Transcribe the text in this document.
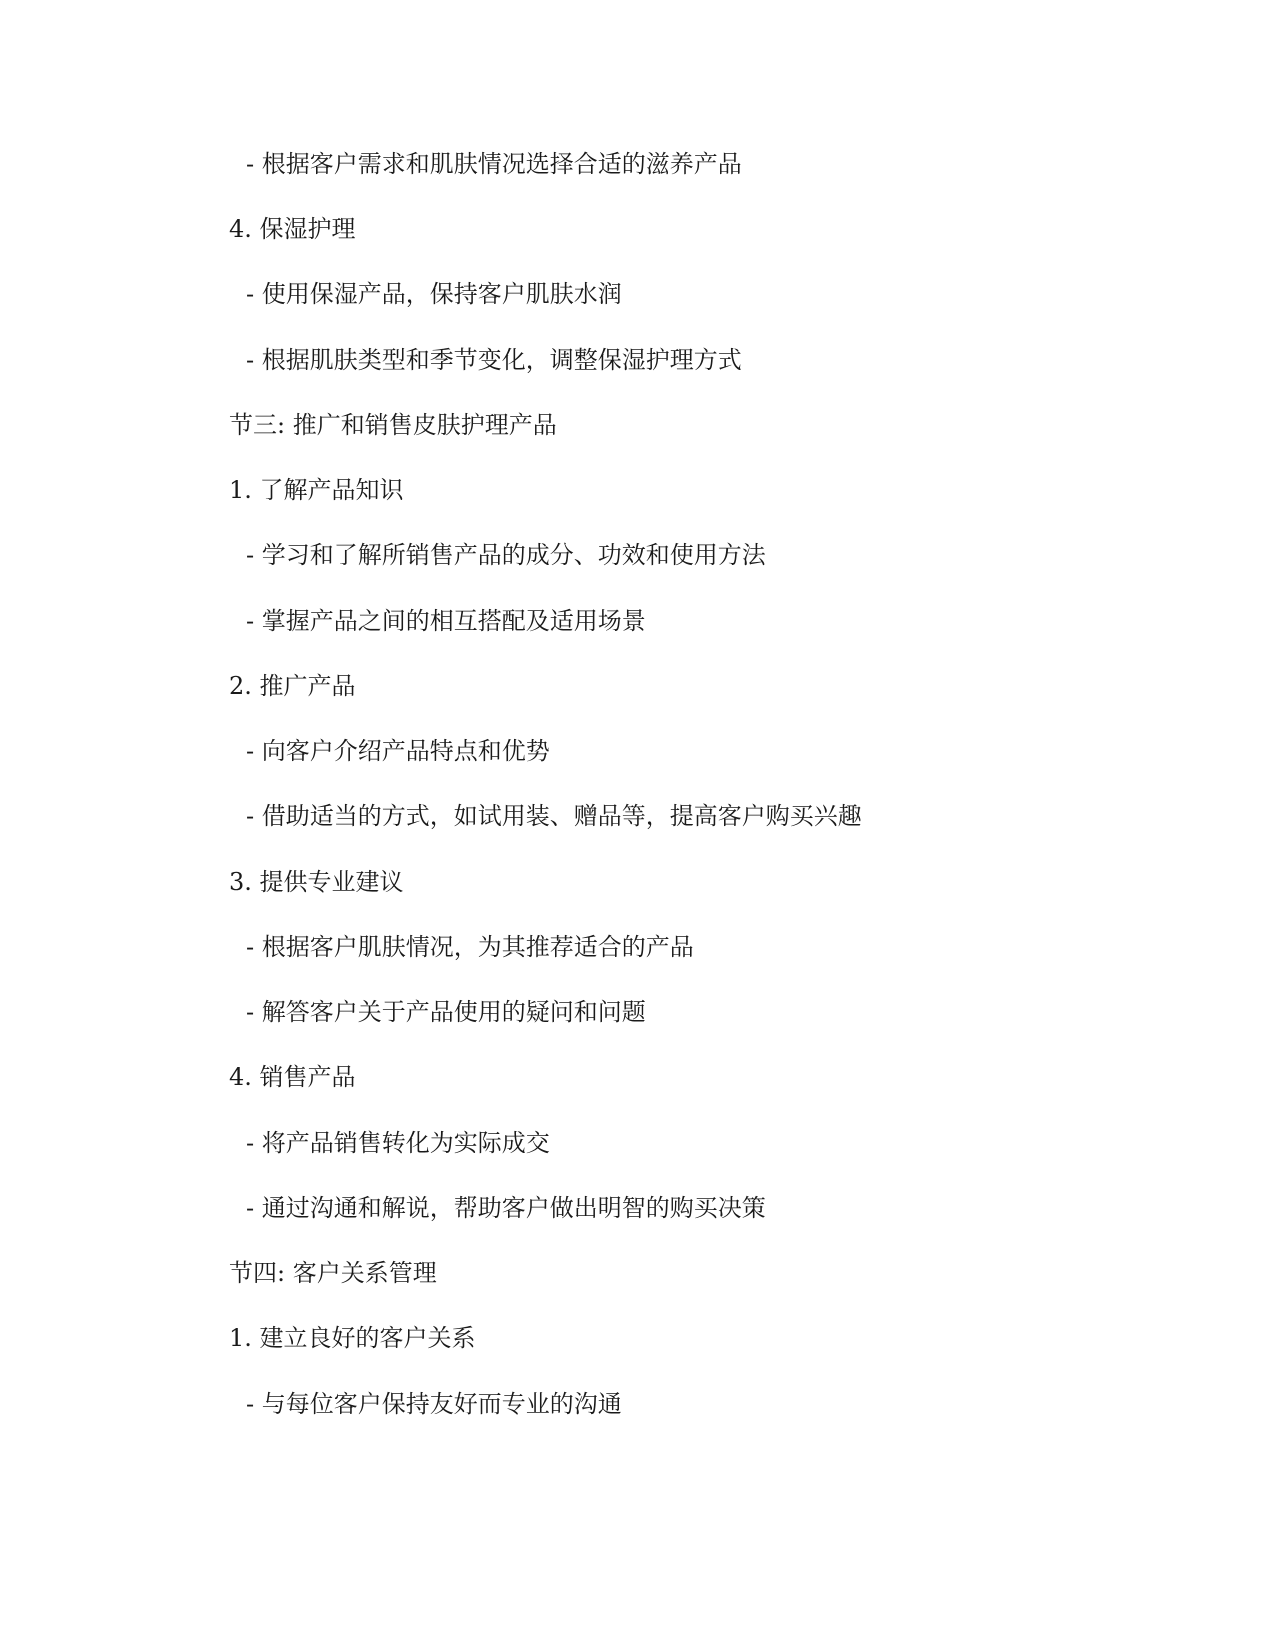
- 根据客户需求和肌肤情况选择合适的滋养产品
4. 保湿护理
- 使用保湿产品，保持客户肌肤水润
- 根据肌肤类型和季节变化，调整保湿护理方式
节三: 推广和销售皮肤护理产品
1. 了解产品知识
- 学习和了解所销售产品的成分、功效和使用方法
- 掌握产品之间的相互搭配及适用场景
2. 推广产品
- 向客户介绍产品特点和优势
- 借助适当的方式，如试用装、赠品等，提高客户购买兴趣
3. 提供专业建议
- 根据客户肌肤情况，为其推荐适合的产品
- 解答客户关于产品使用的疑问和问题
4. 销售产品
- 将产品销售转化为实际成交
- 通过沟通和解说，帮助客户做出明智的购买决策
节四: 客户关系管理
1. 建立良好的客户关系
- 与每位客户保持友好而专业的沟通
